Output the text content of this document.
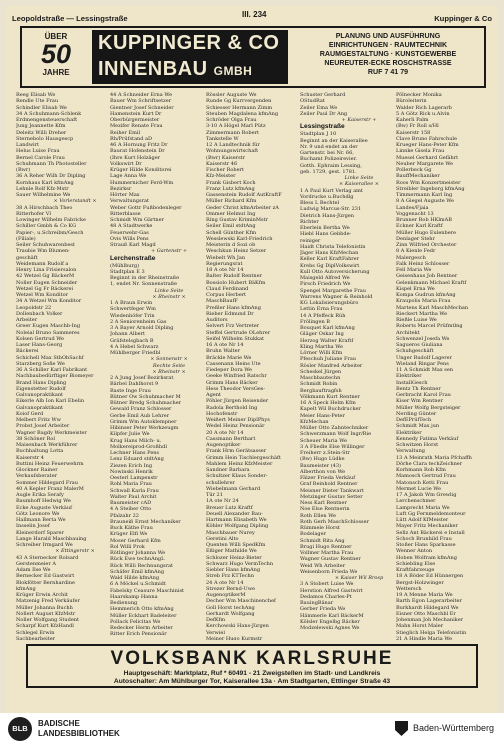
Leopoldstraße — Lessingstraße	III. 234	Kuppinger & Co
ÜBER
50
JAHRE
KUPPINGER & CO
INNENBAU GMBH
PLANUNG UND AUSFÜHRUNG
EINRICHTUNGEN · RAUMTECHNIK
RAUMGESTALTUNG · KUNSTGEWERBE
NEUREUTER-ECKE ROSCHSTRASSE
RUF 7 41 79
Reeg Elisab We
Rendle Ute Frau
Schindler Elisab We
34 A Schuhmann-Schlenk
Erdmengensteuerschaft
Jung Jeannette Kfm
Deleitz Willi Dreher
Sternebolo Hausgescp
Landwirt
Helus Luise Frau
Bernel Carole Frau
Schuhmann Th Photosteller
(Bwr)
36 A Reher Wilh Dr Dipling
Kornhaus Karl kfmAng
Lehnle Rolf Kfz-Mstr
Sauer Wilhelmine We
× Vorlerstandt ×
38 A Hirschbach Theo
Ritterhofer Vl
Lowinger Wilhelm Fabricke
Schiller Gmbh & Co KG
Papier-, u.Schreibm/Gesch
(Filiale)
Seiler Schuhwarenbest
Traubie Wm Blumen-
geschäft
Weidemann Rudolf a
Henry Lina Frisiersalon
42 Wetzel Gg BäckerM
Noller Eugen Schneider
Wetzel Gg Fr Bäckerei
Wetzel Wm Konditor
34 A Wetzel Wm Konditor
Leopoldstr 22
Dollenbach Volker
Arbeiter
Greer Eugen Maschb-Ing
Noleial Bruno Sammeres
Kolsen Gertrud We
Laser Hans-Georg
Bäckerei
Schichell Max StbObSachf
Starzberg Sofie We
36 A Schiller Karl Fabrikant
Nachbaubedürftiger Biomeyer
Brand Hans Dipling
Eigenstetter Rudolf
Galvanopraktikant
Eikerle Alb Ion Karl Ebelin
Galvanopraktikant
Koiof Gerd
Melbert Fritz Ww
Probst Josef Arbeiter
Wagner Bagdy Werkmeister
38 Schöner Rol
Maisenbach Werkführer
Buchhaltung Lotta
Kaiserstr 4
Buttini Heinz Feuerwehrm
Glockner Rainer
Verkaufsberater
Sommer Hildegard Frau
40 A Kepler Franz MalerM
Augle Erika Serafy
Baumhoff Hedwig We
Ecke Auguste Verkäuf
Götz Leonore We
Hallmann Berta We
Insselin Josef
Kleinerdorf Sparer
Lange Harald Maschbauing
Schreiber Irmgard We
× Ettingerstr ×
43 A Sternecker Rolsard
Gerstenmeier A
Adam Ilse We
Bernecker Ed Gastwirt
Blokfötter Bernhardine
kfmAng
Krüger Erwin Archit
Matzenig Fred Verkäufer
Müller Johanna Buchh
Nollert August KfzMstr
Noller Wolfgang Student
Scharpf Kurt KfzHandl
Schlegel Erwin
Sachbearbeiter
44 A Schneider Erna We
Bauer Wm Schriftsetzer
Gientner Josef Schneider
Hamenstein Kurt Dr
Oberbürgermeister
Mezifer Renate Frau
Reiher Emil
Rh/Prüfstand aD
46 A Hornung Fritz Dr
Baurat Hofenstein Dr
(Ihre Kurt Holzäger
Volkswirt Dr
Krüger Hilde Konditorei
Lage Anna We
Hummernicher Ferd-Wm
Bezirksr
Hörter Max
Verwaltungsrat
Weber Gottr Fußbodenleger
Ritterblasse
Schmidt Wm Gärtner
48 A Stadtwerke
Feuerwehr-Gas
Ovis Wills Pens
Strauß Karl Magd
+ Gartenstr +
Lerchenstraße
(Mühlburg)
Stadtplan E 3
Beginnt in der Rheinstraße
1, endet Nr. Sonnenstraße
Linke Seite
× Rheinstr ×
1 A Braun Erwin
Schwertfeger Wm
Wiedenhöfer Trin
2 A Seniorenheim Gas
3 A Bayer Arnold Dipling
Johann Albert
Gräfstelsgbach B
4 A Hebel Schwarz
Mühlberger Friedbl
× Sonnenstr ×
Rechte Seite
× Rheinstr ×
2 A Jung Josef Bezirksrat
Bärbel Dahlhorst 9
Baste Inge Frau
Bütner Ow Schuhmacher M
Bütner Bredg Schuhmacher
Gewald Franz Schlosser
Gerbe Emil Aub Lehrer
Grimm Wm Autoklempner
Hibinser Peter Werkzeugm
Kilpfer Julie We
Krug Hans Milch- u.
Molkereiprod-Großhdl
Lechner Hans Pens
Lenz Eduard stdtAng
Ziezen Erich Ing
Nowinski Henrik
Oesterl Lampenstr
Rohl Maria Frau
Schwall Karla Frau
Walter Paul Archit
Baumeister cAD
4 A Steiber Otto
Pfalzahr 22
Brauneiß Ernst Mechaniker
Buck Käthe Frau
Krüger Elfi We
Moser Gerhard Kfm
Rol Willi Prok
Rötlinger Johanna We
Rück Ewe technAngL
Rück Willi Rechnungsrat
Schäfer Emil kfmAng
Wald Hilde kfmAng
6 A Möckel u.Schmidt
Fabelsky Ceasure Maschinist
Haarskamp Hanna
Bedienung
Hemmerich Otto kfmAng
Müller Eckhart Badeleiter
Pollack Felicitas We
Redecker Herm Arbeiter
Ritter Erich Pensionär
Rössler Auguste We
Runde Gg Kurrvergenden
Schiesser Hermann Zimm
Steuben Magdalena kfmAng
Schröder Olga Frau
3-10 A Högel Marl Pütz
Zimmermann Robert
Tankstelle W
12 A Landtechnik für
Wohnungswirtschaft
(Bwr) Kaiserstr
Kaiserstr 46
Fischer Robert
Kfz-Meister
Frank Gisbert Koch
Franz Lutz kfmAng
Gassenstein Rudolf AutKraftF
Müller Richard Kfm
Geder Christ kfmArbeiter zA
Ommer Helmut Ing
Ring Gustav KriminMstr
Seiler Emil stdtAng
Schell Günther Kfm
Wesslewski Karl-Friedrich
Meisterin d Sozi ob
Weschkun Heinz Setzer
Wiebelt Wh Jan
Regierungsrat
18 A ote Nr 14
Balter Rudolf Rentner
Bossiolo Hubert BäKfm
Claud Ferdinand
Corpus Herbert
MaschBaufF
Preßler Hans kfmAng
Rieber Edmund Dr
Auditors
Selvert Frz Vertreter
Steffel Gertrude OLehrer
Seifel Wilhelm Stukkat
16 A ote Nr 14
Bruhn Walter
Bräckle Marie We
Cassenann Heins Ute
Fiedeper Dora We
Geeke Winfried Ratschr
Grimm Hans Bäcker
Hess Theodor VersGes-
Agent
Pöhler Jürgen Reisender
Radola Berthold Ing
Hochofenstr
Weißert Meiner DiplPhys
Wedel Heinz Pensionär
20 A ote Nr 14
Cassmann Berthart
Augenoptiker
Frank Hrm Gerätsasser
Grimm Hein Tischlergeschäft
Mahlem Heinz KfzMeister
Sandner Barbara
Schultzer Klaus Sonder-
schullehrer
Wiebelmann Gerhard
Tür 21
1A ote Nr 24
Breuer Lutz Kraftf
Deuell Alexander Bau-
Hartmann Elisabeth We
Köhler Wolfgang Dipling
Maschbauer Nurey
Geretini Alto
Quenten Willi SpedKfm
Eßiger Mathilde We
Schlozer Heinz-Bieter
Schwarz Hugo VermTechn
Siebler Hans kfmAng
Streb Frz KTTechn
24 A ote Nr 14
Strezer Bernd-Uwe
AugenoptikerM
Decher Wm Maschinenchef
Goll Horst techAng
Gerhardt Wolfgang
DefKfm
Kerchowski Hans-Jürgen
Verwiel
Meiner Hugo Kurmstr
Schuster Gerhard
OStudRat
Zeiler Ema We
Zeiler Paul Dr Ang
+ Kaiserstr +
Lessingstraße
Stadtplan J 10
Beginnt an der Kaiserallee
Nr. 9 und endet an der
Gartenstr. bei Nr. 66,
Buchamt Polizeirevier.
Gotth. Ephraim Lessing,
geb. 1729, gest. 1781.
Linke Seite
× Kaiserallee ×
1 A Paul Kurt Verlag amt
Vordrucke u.Buchdlg
Bless L Bechtel
Ludwig Marcus-Str. 231
Dietrich Hans-Jürgen
Richter
Eberlein Bertha We
Hiebl Hans Gebbde-
reiniger
Haidt Christa Telefonistin
Jäger Hans KfzMechan
Keller Karl KraftFahrer
Krebs Gg DiplVolkswirt
Kull Otto Autoversicherung
Maisgeld Alfred We
Pirsch Friedrich We
Spengel Margarethe Frau
Warrens Wagner & Reinhold
KG Lokalisierungsbüro
Lettin Erna Frau
14 A Pfeffeck Rüh
Frölingen B
Bouquet Karl kfmAng
Gläger Oskar Ing
Herzog Walter Kraftf
Kling Martha We
Lörner Willi Kfm
Pfeschuh Juliane Frau
Rösler Manfred Arbeiter
Scheskel Jürgen
Maschbautechn
Schmidt Robin
Bergbauftragfsh
Völkmann Kurt Rentner
16 A Speck Helm Kfm
Kapelt Wil Buchdrucker
Meier Hans-Peter
KfzMechan
Müller Otto Zahntechniker
Schwerzmann Wolf Ingr/Rie
Scheuer Maria We
3 A Fliedle Else Willinger
Freiherr z.Stein-Str
(Bw) Hugo Lüdke
Baumeister (43)
Alberthon von We
Fälzer Frieda Verkäuf
Graf Reinhold Rentner
Meisner Dieter Tankwart
Metzinger Gustav Setter
Ness Karl Rentner
Noe Else Rentnerin
Roth Ellen We
Roth Gerh MaschSchlosser
Rümmele Horst
Bodelager
Schmidt Rita Ang
Brugi Hugo Rentner
Vollmer Martha Frau
Wagner Gustav Rentner
Weid Wh Arbeiter
Weisenborn Frieda We
× Kaiser Wil Rrosp
3 A Stobert Luise We
Herstion Alfred Gastwirt
Dedamos Charles-Pt
BauingBänar
Gerber Frieda We
Hämmerle Karl BäckerM
Kölsler Engelbg Bäcker
Modzelewski Agnes We
Pölnecker Monika
Büroleiterin
Walder Rich Lagerarb
5 A Götz Rick u.Alvin
Kaherli Palm
(Bw) Fr Roll s/Hl
Kaiserstr 158
Clave Bruno Fahrschule
Krueger Hans-Peter Kfm
Linnke Gisela Frau
Muesel Gerhard Gefährt
Neuber Margarete We
Pollerbeck Gg
BauffMechaniker
Roos Wm Konzertmeister
Streibler Ingeborg kfmAng
Timmermann Karl Ing
8 A Giegel Auguste We
Landes/Fjaia
Voggenacht 13
Brunner Rob HKlmAB
Eckner Karl Kraftf
Müller Hugo Eulenbere
Denlager Stehr
Zinn Wilfried Orchester
8 A Kienle Fedr
Malergesch
Falk Heinz Schlosser
Fell Maria We
Geisenhaus Joh Rentner
Gelenkmann Michael Kraftf
Kispel Erna We
Kompa Gudrun kfmAng
Kraupolis Maria Frau
Martens Karl MaschMechan
Rieckert Martha We
Rießle Luise We
Roberts Marcel Prüfmtlng
Architekt
Schwenzel Josefa We
Sagueros Giuliana
Schuhgeschäft
Unger Rudolf Lagerer
Wieland Ringar Pens
11 A Schmidt Max sen
Elektriker
InstallGesch
Bentz Th Rentner
Gerbracht Karol Frau
Kiser Wm Rentner
Müller Wolfg Bergsteiger
Nerding Günter
DefEPrüfTech
Schmidt Max jun
Elektriker
Kennedy Fatima Verkäuf
Schwitzen Horst
Verwaltung
13 A Meinrath Maria Pfchaffh
Dörhe Clara techZeichner
Korhmann Rob Kfm
Mamosch Gertrud Frau
Matonsch Ketti Frau
Mermet Lucie We
17 A Jakob Wm Grewlig
Lerchenschmer
Lamprecht Maria We
Luft Gg Fernmeldemonteur
Lütt Adolf KfMeister
Mayer Fritz Mechaniker
Sellz Ant Bäckerei e Install
Schoch Brunhild Frau
Stoßer Hans Sparkasse
Wenner Anton
Hoben Wolfram kfmAng
Schiebling Else
Kraftfahrzeuge
18 A Böder Ed Hünnergen
Bergst-Holzwinger
Wettersch
19 A Menne Maria We
Barth Egon Lagerarbeiter
Burkhardt Hildegard We
Eisner Otto Maschbl Er
Johenman Joh Mechaniker
Mahn Horst Maler
Stieglich Helga Telefonistin
21 A Hindle Maria We
VOLKSBANK KARLSRUHE
Hauptgeschäft: Marktplatz, Ruf * 60491 - 21 Zweigstellen im Stadt- und Landkreis
Autoschalter: Am Mühlburger Tor, Kaiserallee 13a · Am Stadtgarten, Ettlinger Straße 43
BLB
BADISCHE
LANDESBIBLIOTHEK
Baden-Württemberg
